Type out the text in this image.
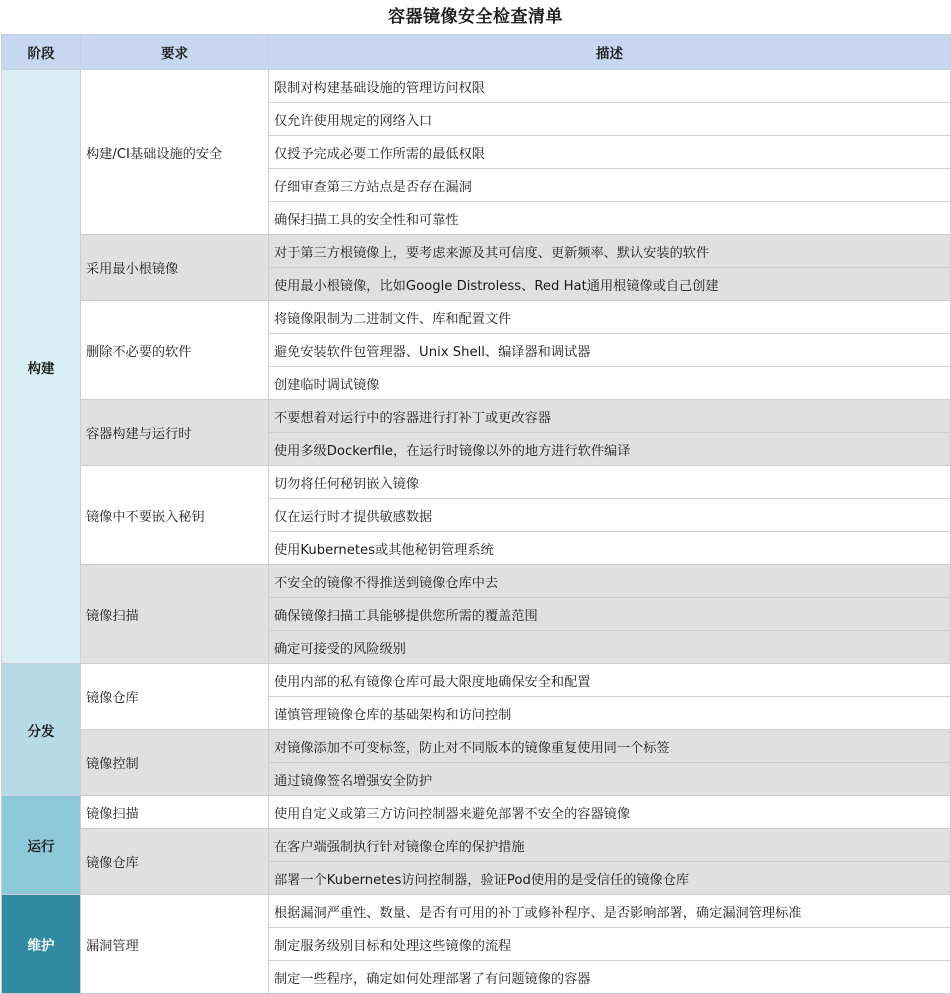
容器镜像安全检查清单
阶段	要求	描述
构建	构建/CI基础设施的安全	限制对构建基础设施的管理访问权限
		仅允许使用规定的网络入口
		仅授予完成必要工作所需的最低权限
		仔细审查第三方站点是否存在漏洞
		确保扫描工具的安全性和可靠性
	采用最小根镜像	对于第三方根镜像上，要考虑来源及其可信度、更新频率、默认安装的软件
		使用最小根镜像，比如Google Distroless、Red Hat通用根镜像或自己创建
	删除不必要的软件	将镜像限制为二进制文件、库和配置文件
		避免安装软件包管理器、Unix Shell、编译器和调试器
		创建临时调试镜像
	容器构建与运行时	不要想着对运行中的容器进行打补丁或更改容器
		使用多级Dockerfile，在运行时镜像以外的地方进行软件编译
	镜像中不要嵌入秘钥	切勿将任何秘钥嵌入镜像
		仅在运行时才提供敏感数据
		使用Kubernetes或其他秘钥管理系统
	镜像扫描	不安全的镜像不得推送到镜像仓库中去
		确保镜像扫描工具能够提供您所需的覆盖范围
		确定可接受的风险级别
分发	镜像仓库	使用内部的私有镜像仓库可最大限度地确保安全和配置
		谨慎管理镜像仓库的基础架构和访问控制
	镜像控制	对镜像添加不可变标签，防止对不同版本的镜像重复使用同一个标签
		通过镜像签名增强安全防护
运行	镜像扫描	使用自定义或第三方访问控制器来避免部署不安全的容器镜像
	镜像仓库	在客户端强制执行针对镜像仓库的保护措施
		部署一个Kubernetes访问控制器，验证Pod使用的是受信任的镜像仓库
维护	漏洞管理	根据漏洞严重性、数量、是否有可用的补丁或修补程序、是否影响部署，确定漏洞管理标准
		制定服务级别目标和处理这些镜像的流程
		制定一些程序，确定如何处理部署了有问题镜像的容器
